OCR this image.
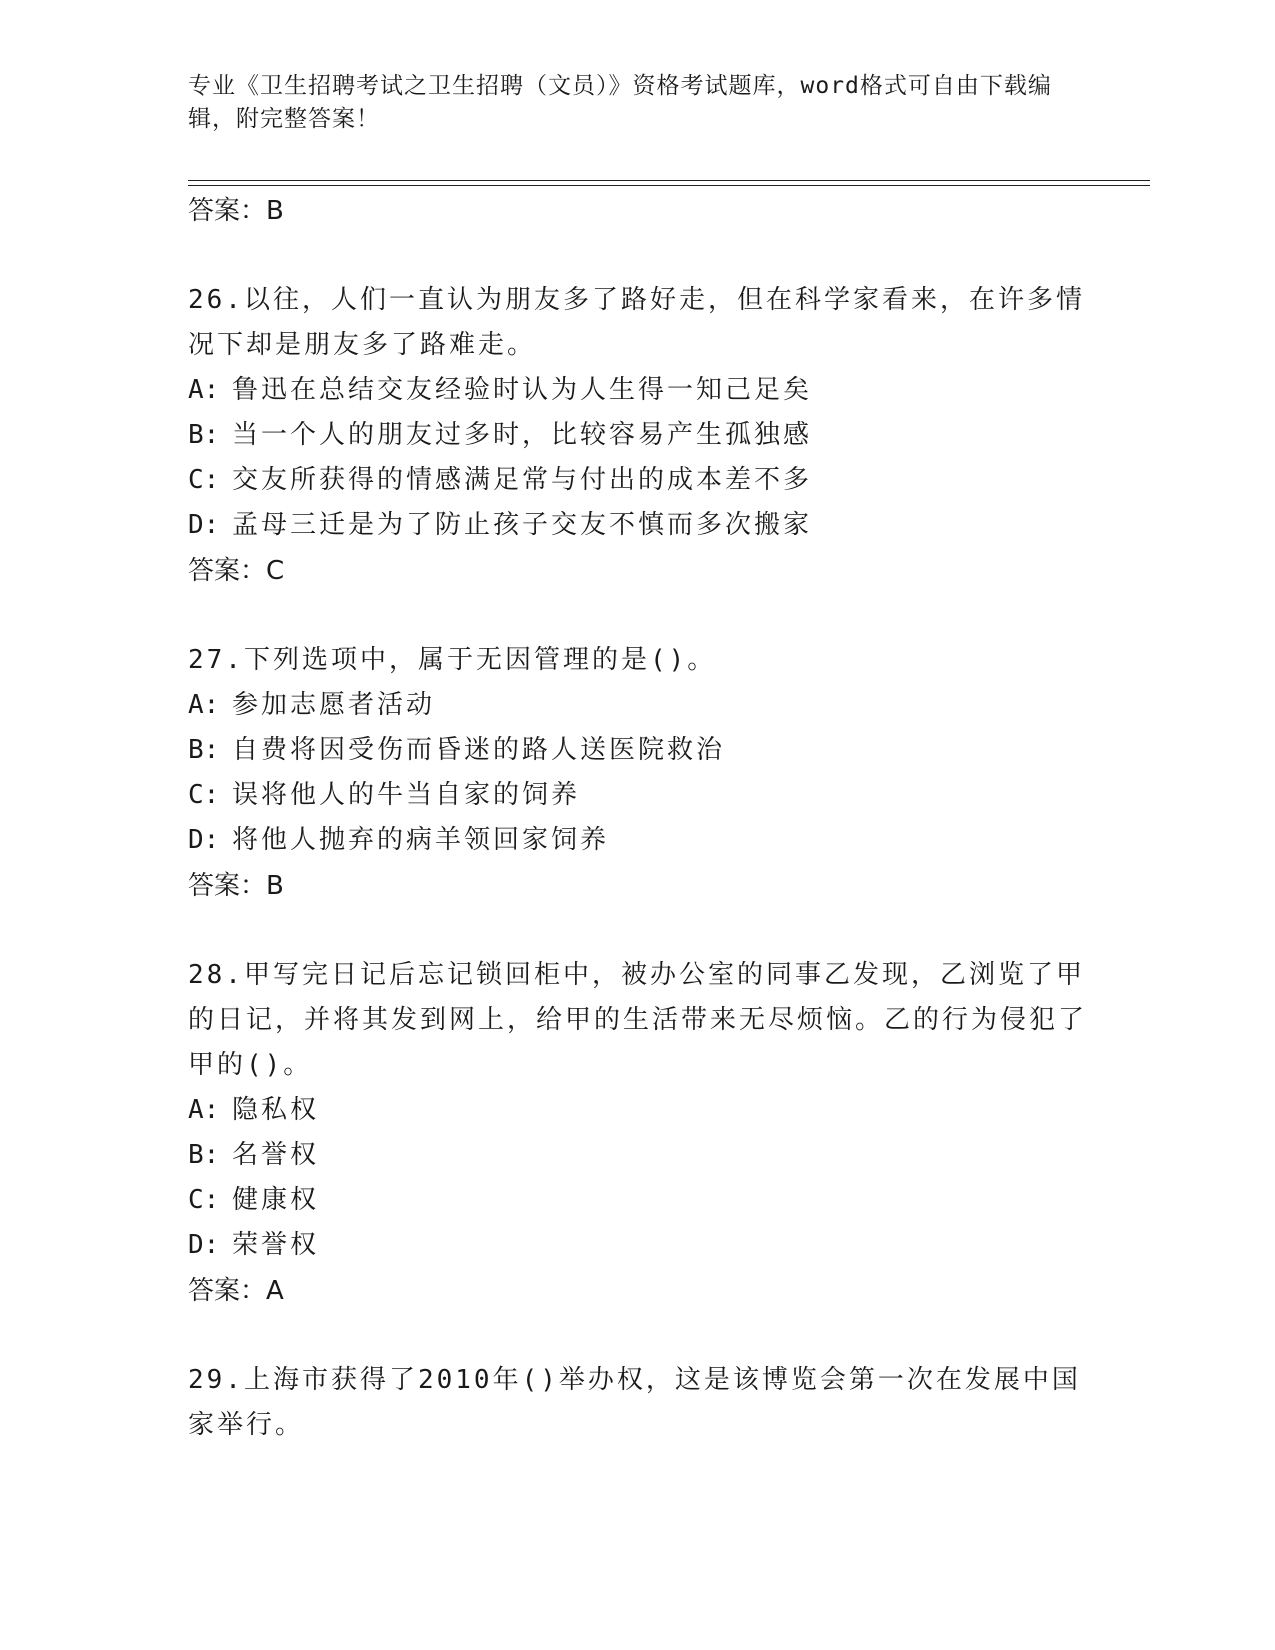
专业《卫生招聘考试之卫生招聘（文员）》资格考试题库，word格式可自由下载编辑，附完整答案！
答案：B
26.以往，人们一直认为朋友多了路好走，但在科学家看来，在许多情况下却是朋友多了路难走。
A: 鲁迅在总结交友经验时认为人生得一知己足矣
B: 当一个人的朋友过多时，比较容易产生孤独感
C: 交友所获得的情感满足常与付出的成本差不多
D: 孟母三迁是为了防止孩子交友不慎而多次搬家
答案：C
27.下列选项中，属于无因管理的是()。
A: 参加志愿者活动
B: 自费将因受伤而昏迷的路人送医院救治
C: 误将他人的牛当自家的饲养
D: 将他人抛弃的病羊领回家饲养
答案：B
28.甲写完日记后忘记锁回柜中，被办公室的同事乙发现，乙浏览了甲的日记，并将其发到网上，给甲的生活带来无尽烦恼。乙的行为侵犯了甲的()。
A: 隐私权
B: 名誉权
C: 健康权
D: 荣誉权
答案：A
29.上海市获得了2010年()举办权，这是该博览会第一次在发展中国家举行。
